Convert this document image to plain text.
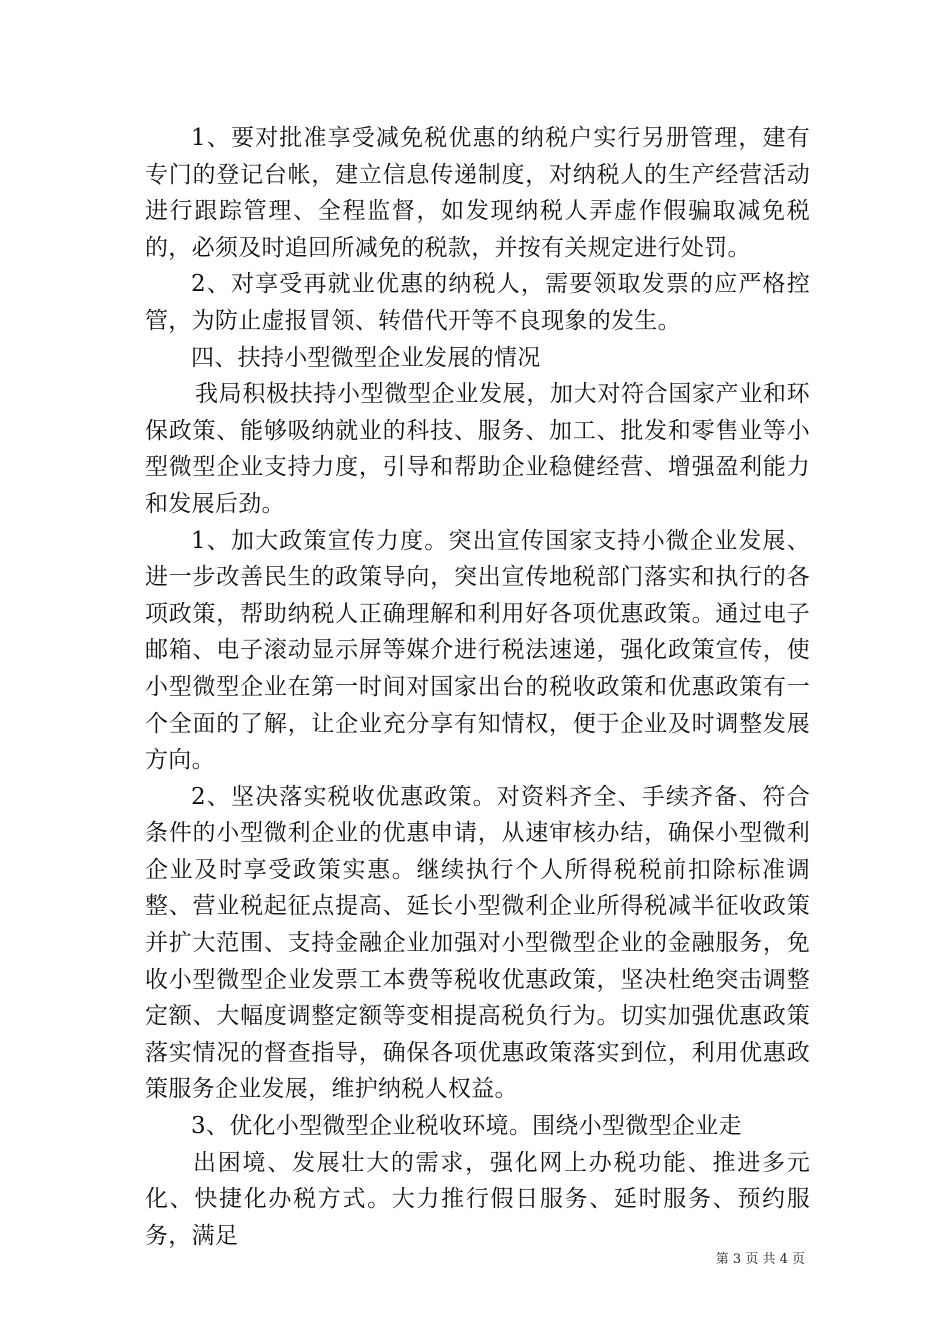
1、要对批准享受减免税优惠的纳税户实行另册管理，建有专门的登记台帐，建立信息传递制度，对纳税人的生产经营活动进行跟踪管理、全程监督，如发现纳税人弄虚作假骗取减免税的，必须及时追回所减免的税款，并按有关规定进行处罚。

2、对享受再就业优惠的纳税人，需要领取发票的应严格控管，为防止虚报冒领、转借代开等不良现象的发生。

四、扶持小型微型企业发展的情况

我局积极扶持小型微型企业发展，加大对符合国家产业和环保政策、能够吸纳就业的科技、服务、加工、批发和零售业等小型微型企业支持力度，引导和帮助企业稳健经营、增强盈利能力和发展后劲。

1、加大政策宣传力度。突出宣传国家支持小微企业发展、进一步改善民生的政策导向，突出宣传地税部门落实和执行的各项政策，帮助纳税人正确理解和利用好各项优惠政策。通过电子邮箱、电子滚动显示屏等媒介进行税法速递，强化政策宣传，使小型微型企业在第一时间对国家出台的税收政策和优惠政策有一个全面的了解，让企业充分享有知情权，便于企业及时调整发展方向。

2、坚决落实税收优惠政策。对资料齐全、手续齐备、符合条件的小型微利企业的优惠申请，从速审核办结，确保小型微利企业及时享受政策实惠。继续执行个人所得税税前扣除标准调整、营业税起征点提高、延长小型微利企业所得税减半征收政策并扩大范围、支持金融企业加强对小型微型企业的金融服务，免收小型微型企业发票工本费等税收优惠政策，坚决杜绝突击调整定额、大幅度调整定额等变相提高税负行为。切实加强优惠政策落实情况的督查指导，确保各项优惠政策落实到位，利用优惠政策服务企业发展，维护纳税人权益。

3、优化小型微型企业税收环境。围绕小型微型企业走

出困境、发展壮大的需求，强化网上办税功能、推进多元化、快捷化办税方式。大力推行假日服务、延时服务、预约服务，满足

第 3 页 共 4 页
